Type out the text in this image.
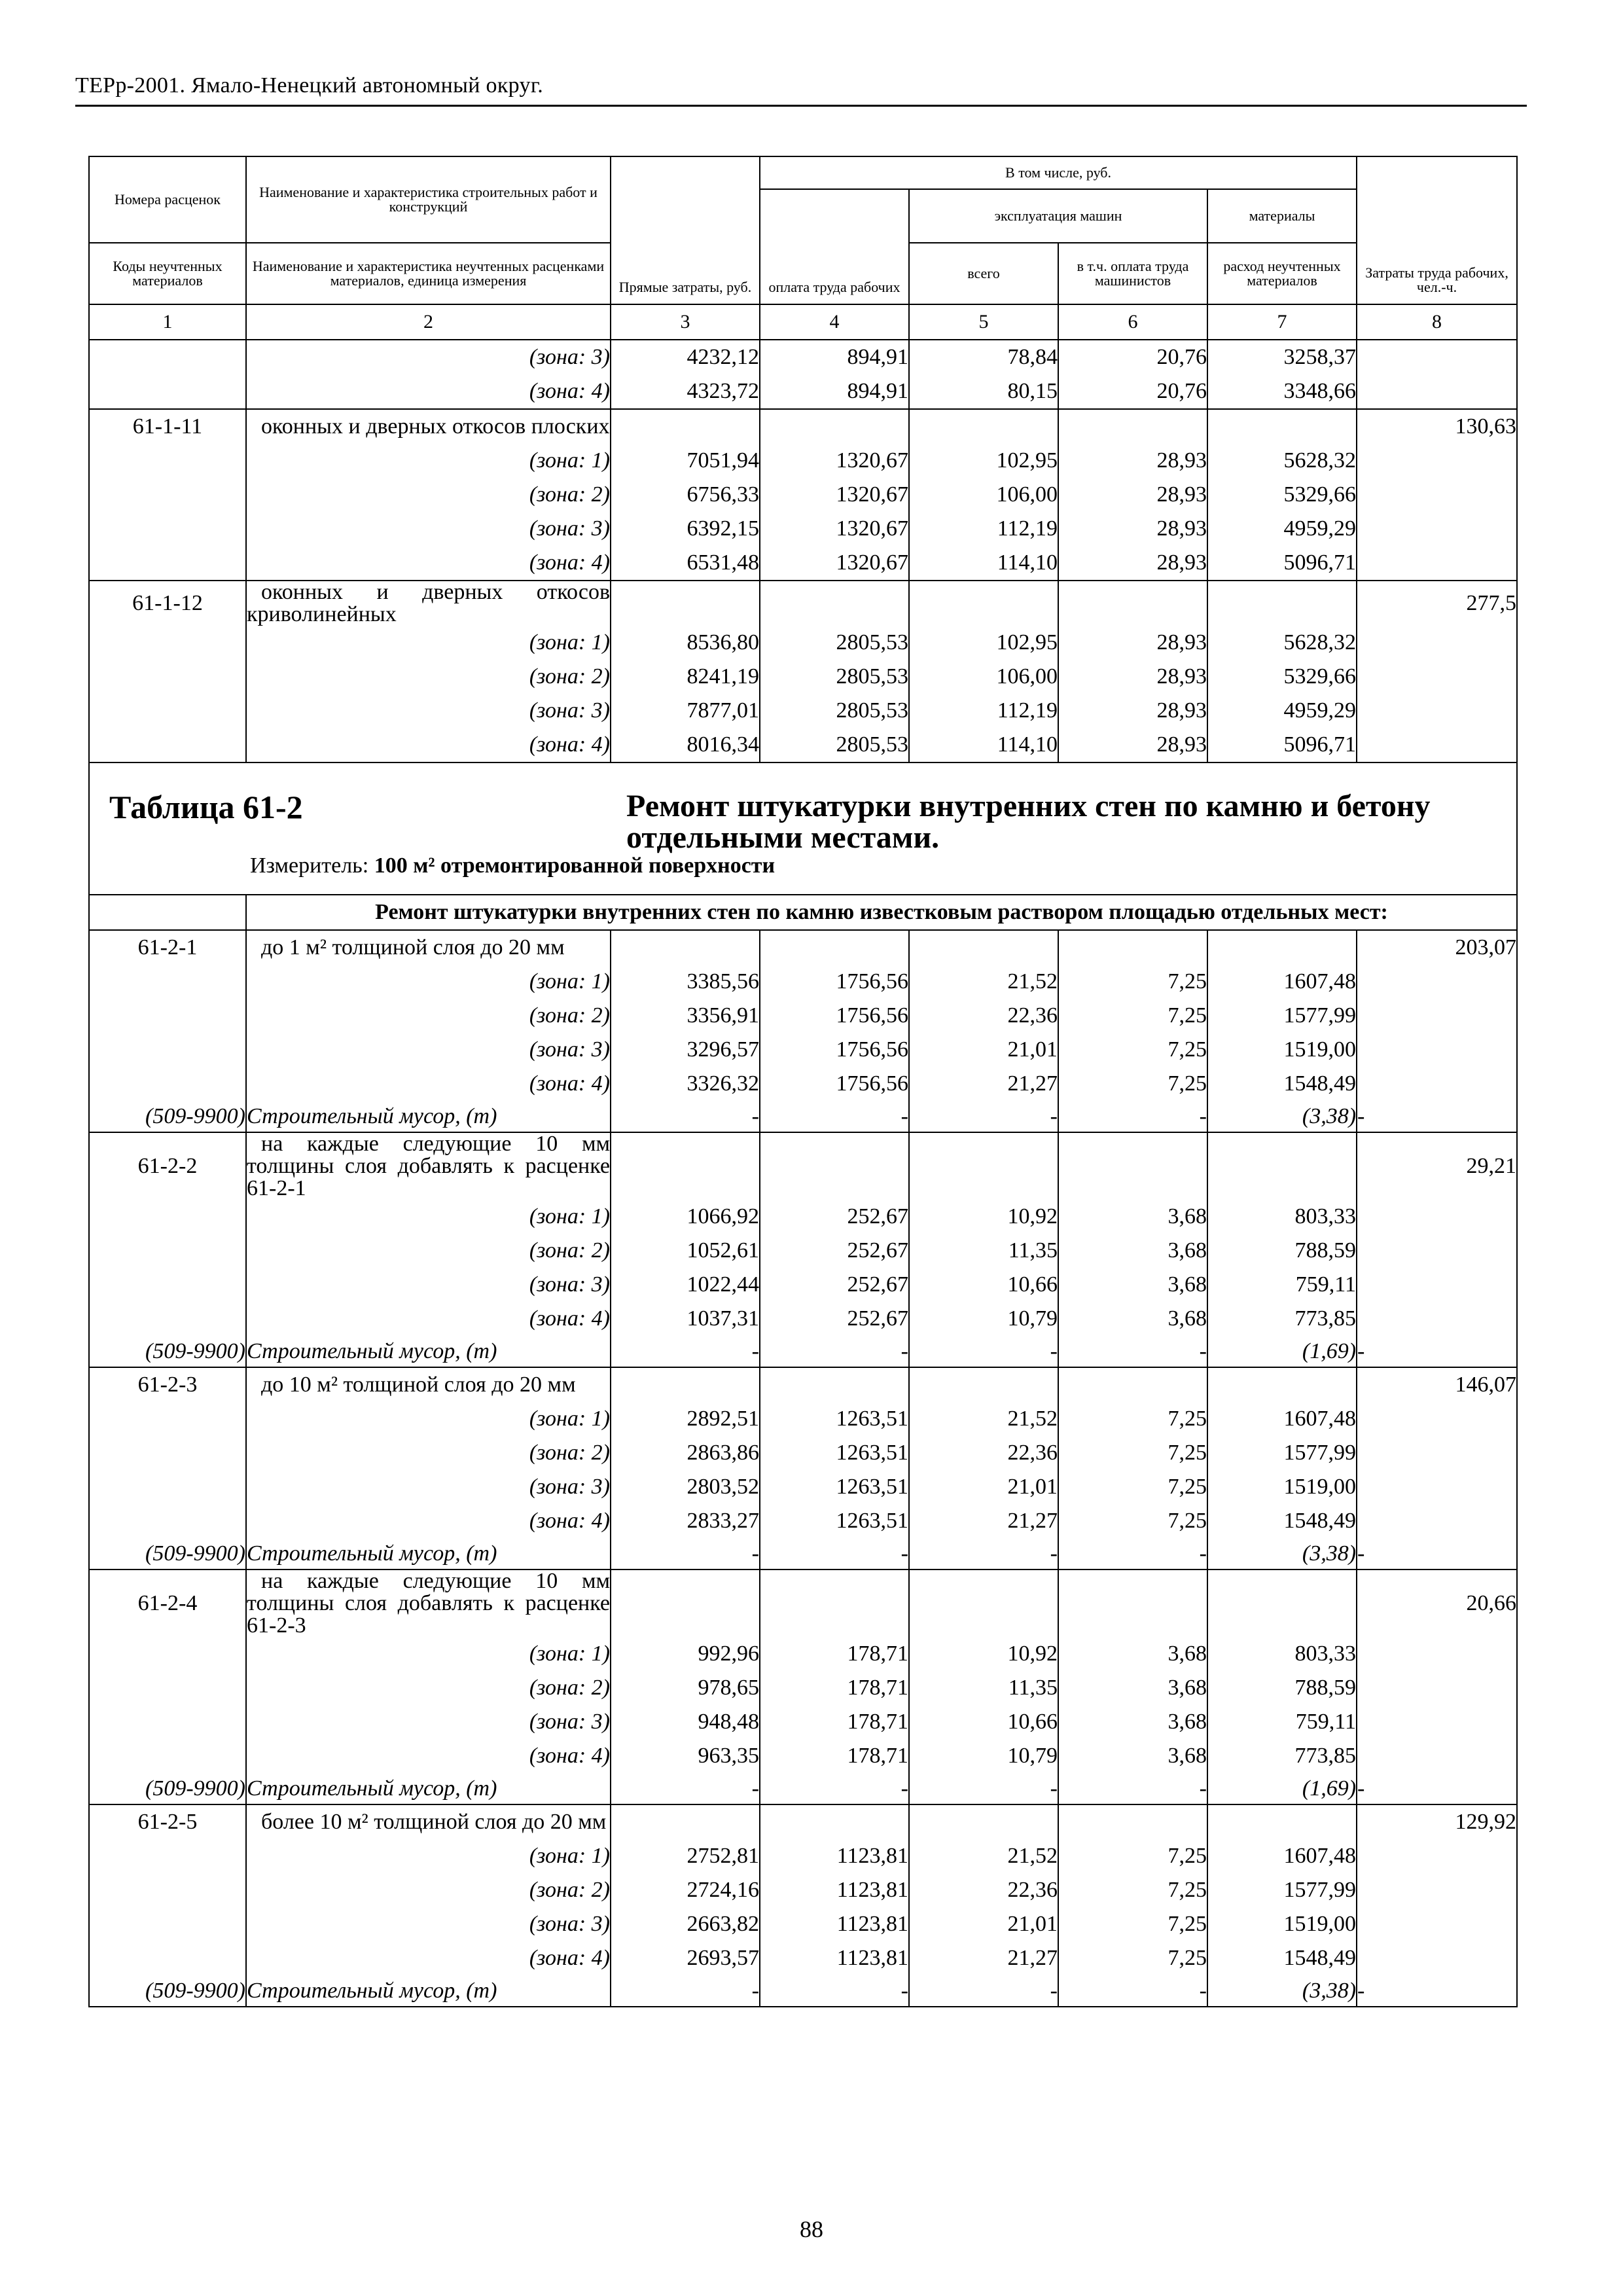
ТЕРр-2001. Ямало-Ненецкий автономный округ.
Номера расценок	Наименование и характеристика строительных работ и конструкций	Прямые затраты, руб.	В том числе, руб.				Затраты труда рабочих, чел.-ч.
			оплата труда рабочих	эксплуатация машин		материалы	
Коды неучтенных материалов	Наименование и характеристика неучтенных расценками материалов, единица измерения			всего	в т.ч. оплата труда машинистов	расход неучтенных материалов	
1	2	3	4	5	6	7	8
	(зона: 3)	4232,12	894,91	78,84	20,76	3258,37	
	(зона: 4)	4323,72	894,91	80,15	20,76	3348,66	
61-1-11	оконных и дверных откосов плоских						130,63
	(зона: 1)	7051,94	1320,67	102,95	28,93	5628,32	
	(зона: 2)	6756,33	1320,67	106,00	28,93	5329,66	
	(зона: 3)	6392,15	1320,67	112,19	28,93	4959,29	
	(зона: 4)	6531,48	1320,67	114,10	28,93	5096,71	
61-1-12	оконных и дверных откосов криволинейных						277,5
	(зона: 1)	8536,80	2805,53	102,95	28,93	5628,32	
	(зона: 2)	8241,19	2805,53	106,00	28,93	5329,66	
	(зона: 3)	7877,01	2805,53	112,19	28,93	4959,29	
	(зона: 4)	8016,34	2805,53	114,10	28,93	5096,71	

Таблица 61-2 Ремонт штукатурки внутренних стен по камню и бетону отдельными местами.
Измеритель: 100 м² отремонтированной поверхности							

	Ремонт штукатурки внутренних стен по камню известковым раствором площадью отдельных мест:						
61-2-1	до 1 м² толщиной слоя до 20 мм						203,07
	(зона: 1)	3385,56	1756,56	21,52	7,25	1607,48	
	(зона: 2)	3356,91	1756,56	22,36	7,25	1577,99	
	(зона: 3)	3296,57	1756,56	21,01	7,25	1519,00	
	(зона: 4)	3326,32	1756,56	21,27	7,25	1548,49	
(509-9900)	Строительный мусор, (т)	-	-	-	-	(3,38)	-
61-2-2	на каждые следующие 10 мм толщины слоя добавлять к расценке 61-2-1						29,21
	(зона: 1)	1066,92	252,67	10,92	3,68	803,33	
	(зона: 2)	1052,61	252,67	11,35	3,68	788,59	
	(зона: 3)	1022,44	252,67	10,66	3,68	759,11	
	(зона: 4)	1037,31	252,67	10,79	3,68	773,85	
(509-9900)	Строительный мусор, (т)	-	-	-	-	(1,69)	-
61-2-3	до 10 м² толщиной слоя до 20 мм						146,07
	(зона: 1)	2892,51	1263,51	21,52	7,25	1607,48	
	(зона: 2)	2863,86	1263,51	22,36	7,25	1577,99	
	(зона: 3)	2803,52	1263,51	21,01	7,25	1519,00	
	(зона: 4)	2833,27	1263,51	21,27	7,25	1548,49	
(509-9900)	Строительный мусор, (т)	-	-	-	-	(3,38)	-
61-2-4	на каждые следующие 10 мм толщины слоя добавлять к расценке 61-2-3						20,66
	(зона: 1)	992,96	178,71	10,92	3,68	803,33	
	(зона: 2)	978,65	178,71	11,35	3,68	788,59	
	(зона: 3)	948,48	178,71	10,66	3,68	759,11	
	(зона: 4)	963,35	178,71	10,79	3,68	773,85	
(509-9900)	Строительный мусор, (т)	-	-	-	-	(1,69)	-
61-2-5	более 10 м² толщиной слоя до 20 мм						129,92
	(зона: 1)	2752,81	1123,81	21,52	7,25	1607,48	
	(зона: 2)	2724,16	1123,81	22,36	7,25	1577,99	
	(зона: 3)	2663,82	1123,81	21,01	7,25	1519,00	
	(зона: 4)	2693,57	1123,81	21,27	7,25	1548,49	
(509-9900)	Строительный мусор, (т)	-	-	-	-	(3,38)	-
88
